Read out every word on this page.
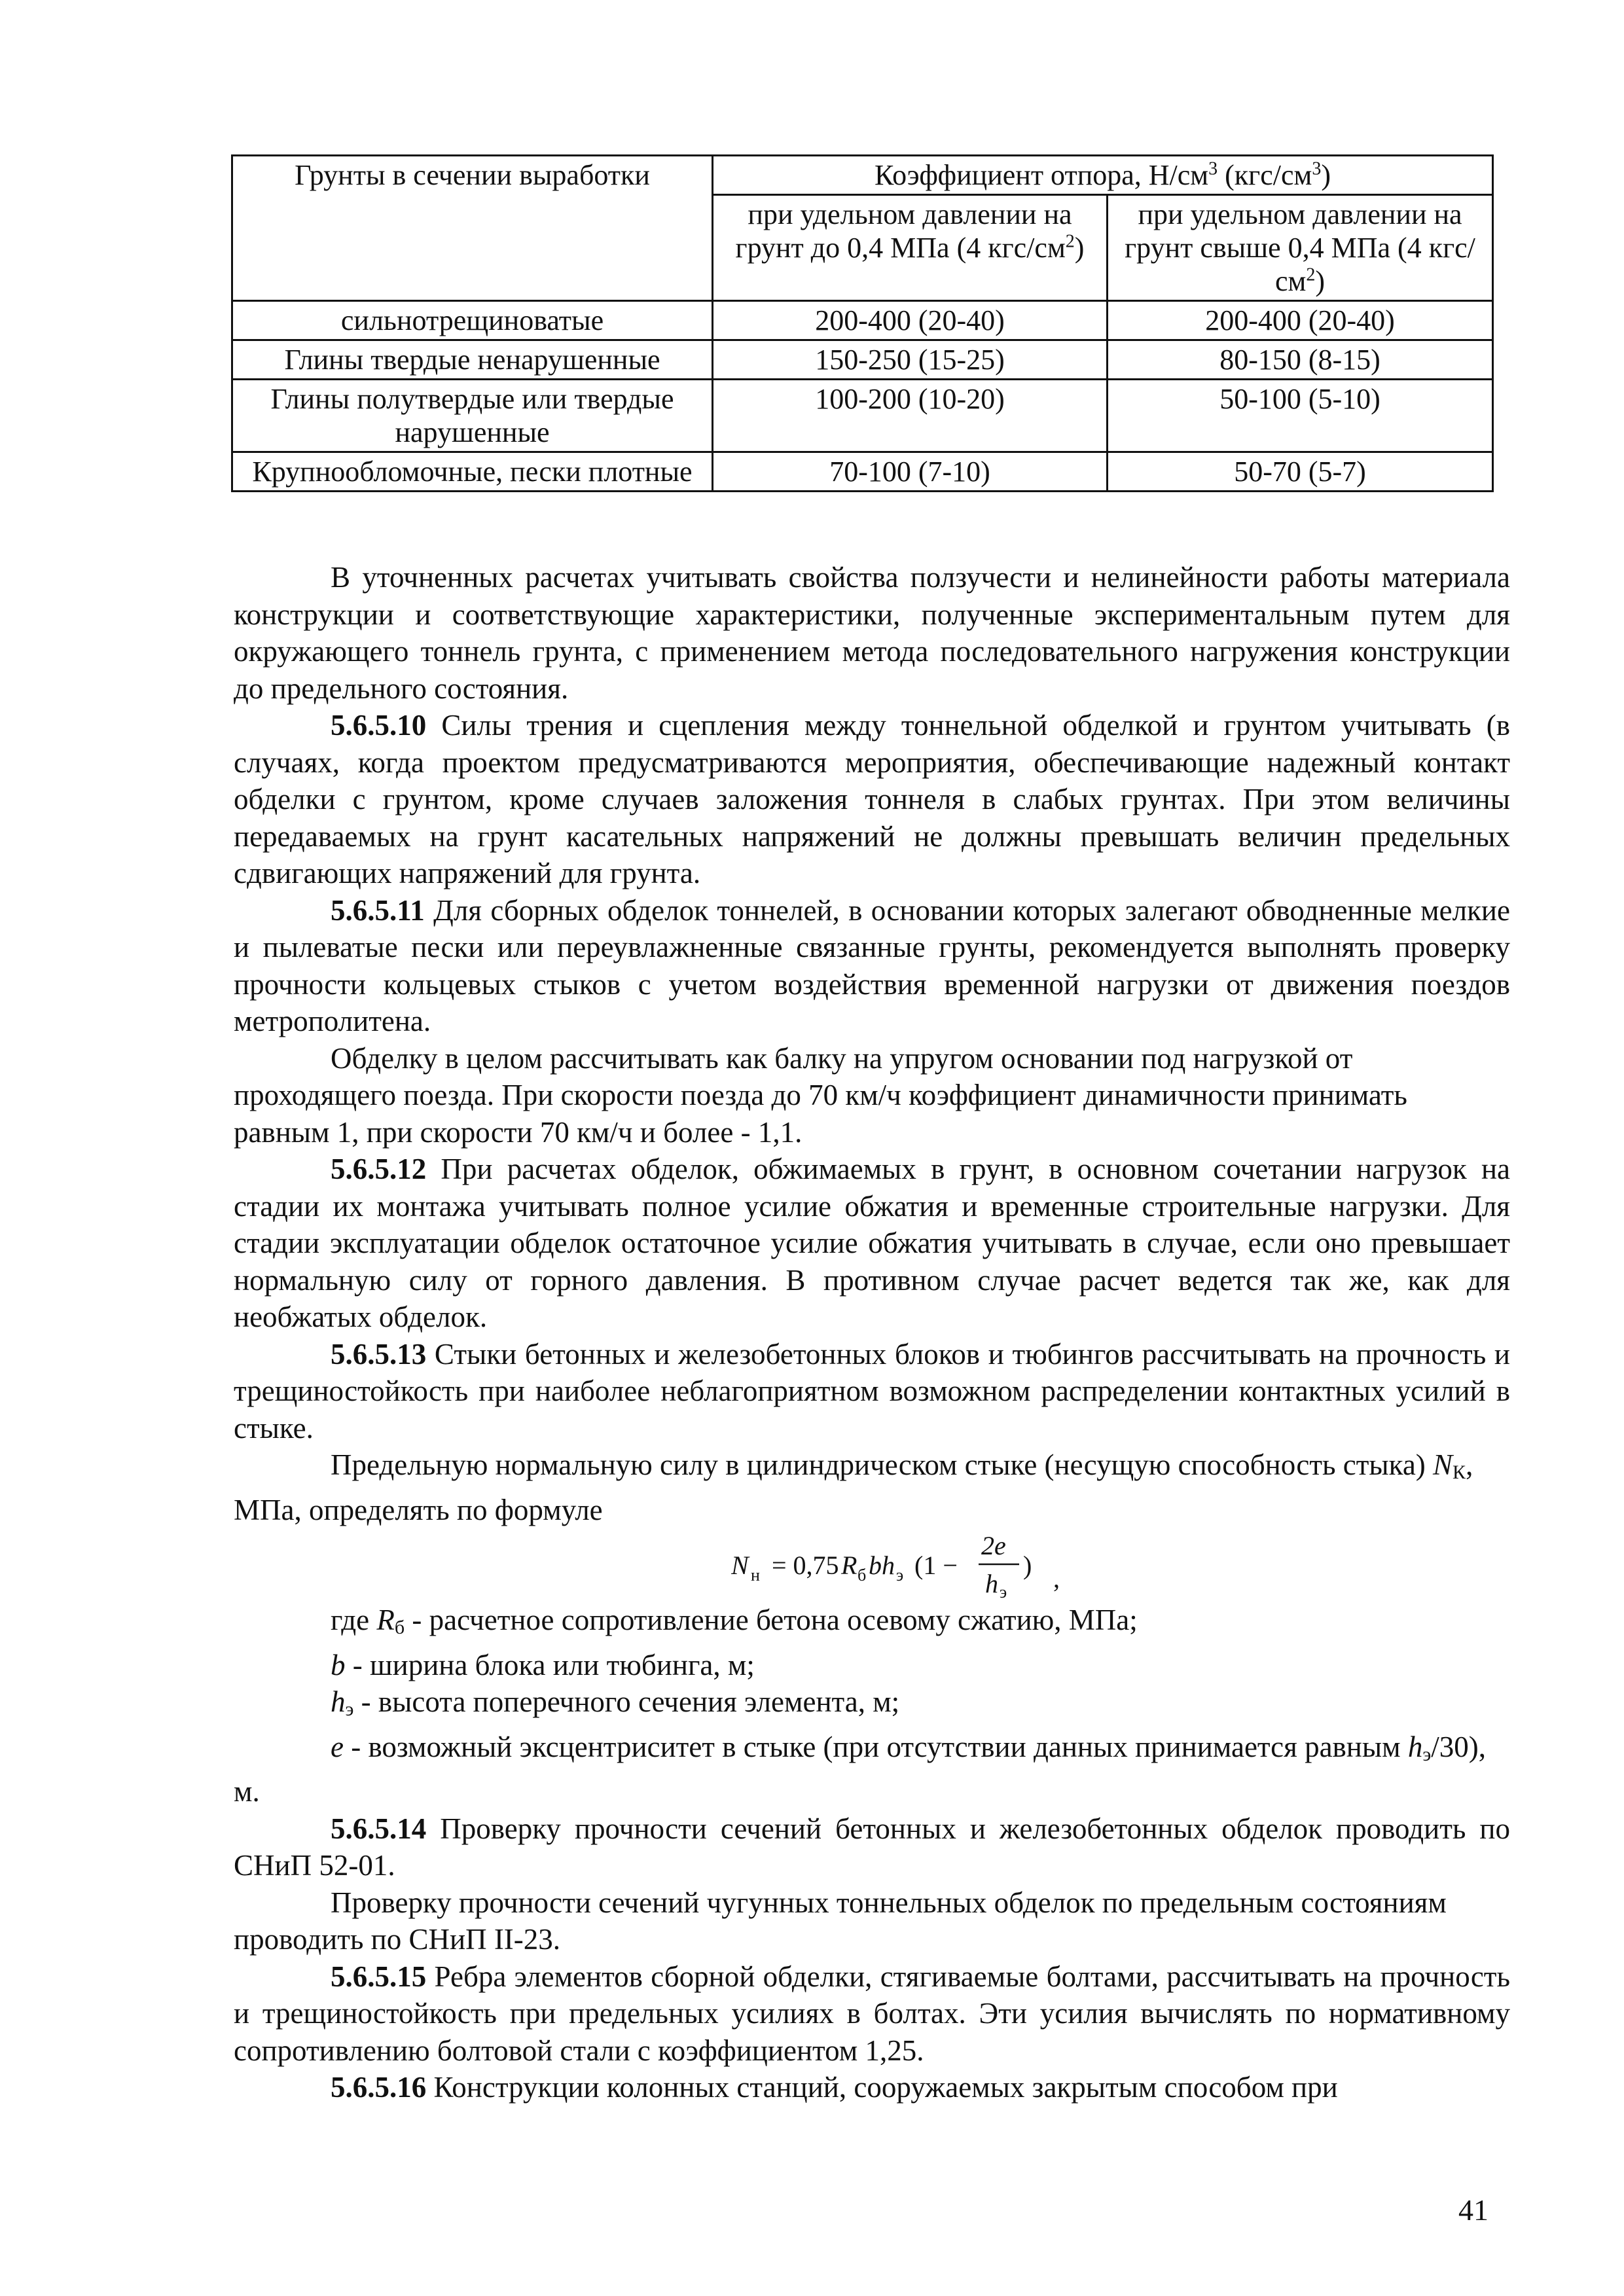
Грунты в сечении выработки	Коэффициент отпора, $Н/см^3$ $(кгс/см^3)$	
	при удельном давлении на грунт до 0,4 МПа (4 кгс/$см^2$)	при удельном давлении на грунт свыше 0,4 МПа (4 кгс/$см^2$)
сильнотрещиноватые	200-400 (20-40)	200-400 (20-40)
Глины твердые ненарушенные	150-250 (15-25)	80-150 (8-15)
Глины полутвердые или твердые нарушенные	100-200 (10-20)	50-100 (5-10)
Крупнообломочные, пески плотные	70-100 (7-10)	50-70 (5-7)

В уточненных расчетах учитывать свойства ползучести и нелинейности работы материала конструкции и соответствующие характеристики, полученные экспериментальным путем для окружающего тоннель грунта, с применением метода последовательного нагружения конструкции до предельного состояния.

5.6.5.10 Силы трения и сцепления между тоннельной обделкой и грунтом учитывать (в случаях, когда проектом предусматриваются мероприятия, обеспечивающие надежный контакт обделки с грунтом, кроме случаев заложения тоннеля в слабых грунтах. При этом величины передаваемых на грунт касательных напряжений не должны превышать величин предельных сдвигающих напряжений для грунта.

5.6.5.11 Для сборных обделок тоннелей, в основании которых залегают обводненные мелкие и пылеватые пески или переувлажненные связанные грунты, рекомендуется выполнять проверку прочности кольцевых стыков с учетом воздействия временной нагрузки от движения поездов метрополитена.

Обделку в целом рассчитывать как балку на упругом основании под нагрузкой от проходящего поезда. При скорости поезда до 70 км/ч коэффициент динамичности принимать равным 1, при скорости 70 км/ч и более - 1,1.

5.6.5.12 При расчетах обделок, обжимаемых в грунт, в основном сочетании нагрузок на стадии их монтажа учитывать полное усилие обжатия и временные строительные нагрузки. Для стадии эксплуатации обделок остаточное усилие обжатия учитывать в случае, если оно превышает нормальную силу от горного давления. В противном случае расчет ведется так же, как для необжатых обделок.

5.6.5.13 Стыки бетонных и железобетонных блоков и тюбингов рассчитывать на прочность и трещиностойкость при наиболее неблагоприятном возможном распределении контактных усилий в стыке.

Предельную нормальную силу в цилиндрическом стыке (несущую способность стыка) $N_К$, МПа, определять по формуле

N н = 0,75 R б bh э (1 −
2e
h э
) ,

где $R_б$ - расчетное сопротивление бетона осевому сжатию, МПа;

b - ширина блока или тюбинга, м;

$h_э$ - высота поперечного сечения элемента, м;

e - возможный эксцентриситет в стыке (при отсутствии данных принимается равным $h_э/30$), м.

5.6.5.14 Проверку прочности сечений бетонных и железобетонных обделок проводить по СНиП 52-01.

Проверку прочности сечений чугунных тоннельных обделок по предельным состояниям проводить по СНиП II-23.

5.6.5.15 Ребра элементов сборной обделки, стягиваемые болтами, рассчитывать на прочность и трещиностойкость при предельных усилиях в болтах. Эти усилия вычислять по нормативному сопротивлению болтовой стали с коэффициентом 1,25.

5.6.5.16 Конструкции колонных станций, сооружаемых закрытым способом при

41
